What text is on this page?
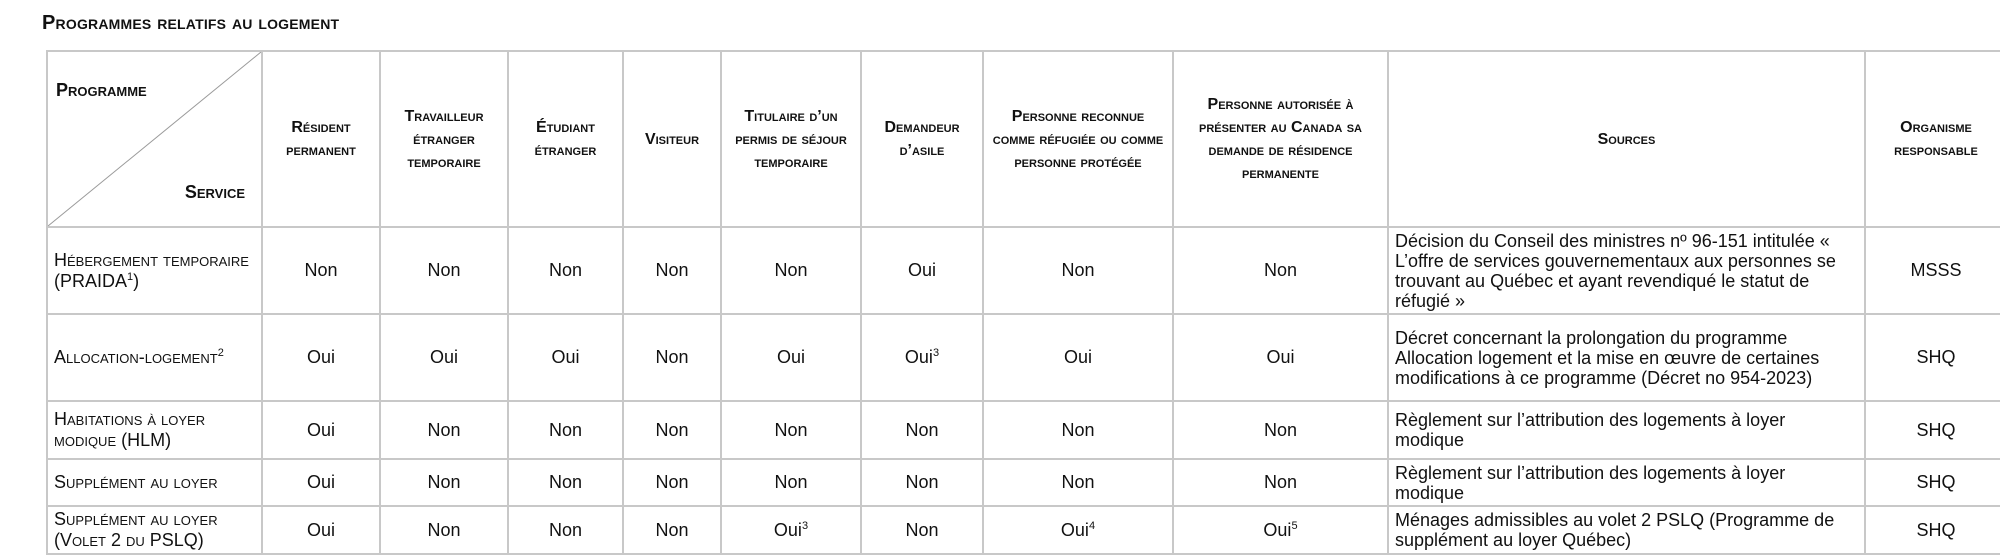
Programmes relatifs au logement
Programme
Service	Résident permanent	Travailleur étranger temporaire	Étudiant étranger	Visiteur	Titulaire d’un permis de séjour temporaire	Demandeur d’asile	Personne reconnue comme réfugiée ou comme personne protégée	Personne autorisée à présenter au Canada sa demande de résidence permanente	Sources	Organisme responsable
Hébergement temporaire (PRAIDA$^1$)	Non	Non	Non	Non	Non	Oui	Non	Non	Décision du Conseil des ministres nº 96-151 intitulée « L’offre de services gouvernementaux aux personnes se trouvant au Québec et ayant revendiqué le statut de réfugié »	MSSS
Allocation-logement$^2$	Oui	Oui	Oui	Non	Oui	Oui$^3$	Oui	Oui	Décret concernant la prolongation du programme Allocation logement et la mise en œuvre de certaines modifications à ce programme (Décret no 954-2023)	SHQ
Habitations à loyer modique (HLM)	Oui	Non	Non	Non	Non	Non	Non	Non	Règlement sur l’attribution des logements à loyer modique	SHQ
Supplément au loyer	Oui	Non	Non	Non	Non	Non	Non	Non	Règlement sur l’attribution des logements à loyer modique	SHQ
Supplément au loyer (Volet 2 du PSLQ)	Oui	Non	Non	Non	Oui$^3$	Non	Oui$^4$	Oui$^5$	Ménages admissibles au volet 2 PSLQ (Programme de supplément au loyer Québec)	SHQ
